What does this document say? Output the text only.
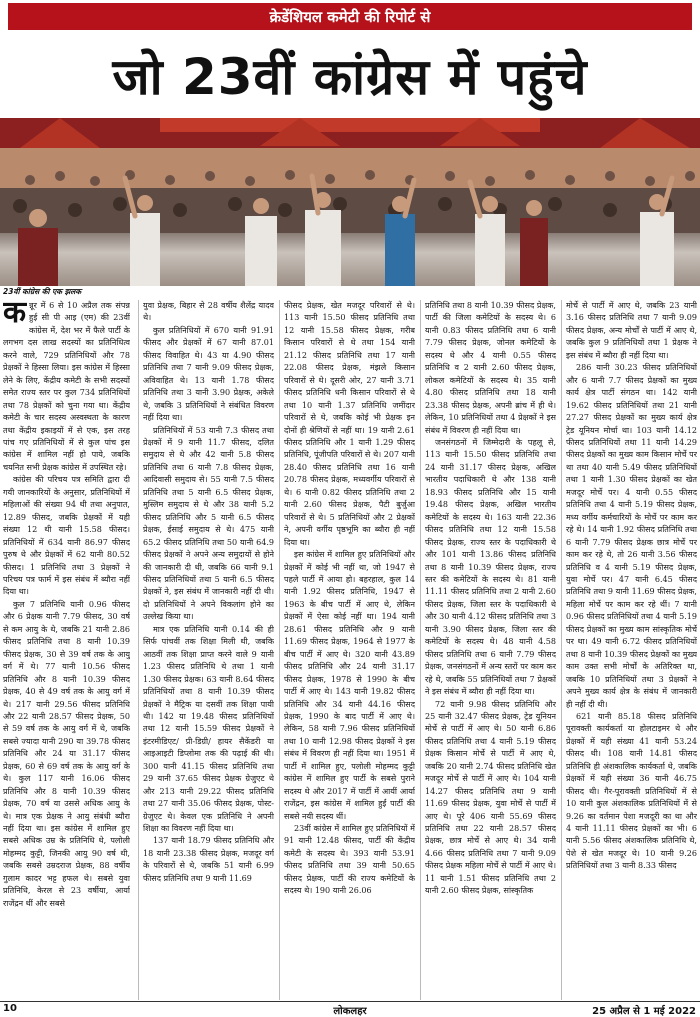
क्रेडेंशियल कमेटी की रिपोर्ट से
जो 23वीं कांग्रेस में पहुंचे
23वीं कांग्रेस की एक झलक
क न्नूर में 6 से 10 अप्रैल तक संपन्न हुई सी पी आइ (एम) की 23वीं कांग्रेस में, देश भर में फैले पार्टी के लगभग दस लाख सदस्यों का प्रतिनिधित्व करने वाले, 729 प्रतिनिधियों और 78 प्रेक्षकों ने हिस्सा लिया। इस कांग्रेस में हिस्सा लेने के लिए, केंद्रीय कमेटी के सभी सदस्यों समेत राज्य स्तर पर कुल 734 प्रतिनिधियों तथा 78 प्रेक्षकों को चुना गया था। केंद्रीय कमेटी के चार सदस्य अस्वस्थता के कारण तथा केंद्रीय इकाइयों में से एक, इस तरह पांच गए प्रतिनिधियों में से कुल पांच इस कांग्रेस में शामिल नहीं हो पाये, जबकि चयनित सभी प्रेक्षक कांग्रेस में उपस्थित रहे।

कांग्रेस की परिचय पत्र समिति द्वारा दी गयी जानकारियों के अनुसार, प्रतिनिधियों में महिलाओं की संख्या 94 थी तथा अनुपात, 12.89 फीसद, जबकि प्रेक्षकों में यही संख्या 12 थी यानी 15.58 फीसद। प्रतिनिधियों में 634 यानी 86.97 फीसद पुरुष थे और प्रेक्षकों में 62 यानी 80.52 फीसद। 1 प्रतिनिधि तथा 3 प्रेक्षकों ने परिचय पत्र फार्म में इस संबंध में ब्यौरा नहीं दिया था।

कुल 7 प्रतिनिधि यानी 0.96 फीसद और 6 प्रेक्षक यानी 7.79 फीसद, 30 वर्ष से कम आयु के थे, जबकि 21 यानी 2.86 फीसद प्रतिनिधि तथा 8 यानी 10.39 फीसद प्रेक्षक, 30 से 39 वर्ष तक के आयु वर्ग में थे। 77 यानी 10.56 फीसद प्रतिनिधि और 8 यानी 10.39 फीसद प्रेक्षक, 40 से 49 वर्ष तक के आयु वर्ग में थे। 217 यानी 29.56 फीसद प्रतिनिधि और 22 यानी 28.57 फीसद प्रेक्षक, 50 से 59 वर्ष तक के आयु वर्ग में थे, जबकि सबसे ज्यादा यानी 290 या 39.78 फीसद प्रतिनिधि और 24 या 31.17 फीसद प्रेक्षक, 60 से 69 वर्ष तक के आयु वर्ग के थे। कुल 117 यानी 16.06 फीसद प्रतिनिधि और 8 यानी 10.39 फीसद प्रेक्षक, 70 वर्ष या उससे अधिक आयु के थे। मात्र एक प्रेक्षक ने आयु संबंधी ब्यौरा नहीं दिया था। इस कांग्रेस में शामिल हुए सबसे अधिक उम्र के प्रतिनिधि थे, पलोली मोहम्मद कुट्टी, जिनकी आयु 90 वर्ष थी, जबकि सबसे उम्रदराज प्रेक्षक, 88 वर्षीय गुलाम कादर भट्ट हफल थे। सबसे युवा प्रतिनिधि, केरल से 23 वर्षीया, आर्या राजेंद्रन थीं और सबसे

युवा प्रेक्षक, बिहार से 28 वर्षीय शैलेंद्र यादव थे।

कुल प्रतिनिधियों में 670 यानी 91.91 फीसद और प्रेक्षकों में 67 यानी 87.01 फीसद विवाहित थे। 43 या 4.90 फीसद प्रतिनिधि तथा 7 यानी 9.09 फीसद प्रेक्षक, अविवाहित थे। 13 यानी 1.78 फीसद प्रतिनिधि तथा 3 यानी 3.90 प्रेक्षक, अकेले थे, जबकि 3 प्रतिनिधियों ने संबंधित विवरण नहीं दिया था।

प्रतिनिधियों में 53 यानी 7.3 फीसद तथा प्रेक्षकों में 9 यानी 11.7 फीसद, दलित समुदाय से थे और 42 यानी 5.8 फीसद प्रतिनिधि तथा 6 यानी 7.8 फीसद प्रेक्षक, आदिवासी समुदाय से। 55 यानी 7.5 फीसद प्रतिनिधि तथा 5 यानी 6.5 फीसद प्रेक्षक, मुस्लिम समुदाय से थे और 38 यानी 5.2 फीसद प्रतिनिधि और 5 यानी 6.5 फीसद प्रेक्षक, ईसाई समुदाय से थे। 475 यानी 65.2 फीसद प्रतिनिधि तथा 50 यानी 64.9 फीसद प्रेक्षकों ने अपने अन्य समुदायों से होने की जानकारी दी थी, जबकि 66 यानी 9.1 फीसद प्रतिनिधियों तथा 5 यानी 6.5 फीसद प्रेक्षकों ने, इस संबंध में जानकारी नहीं दी थी। दो प्रतिनिधियों ने अपने विकलांग होने का उल्लेख किया था।

मात्र एक प्रतिनिधि यानी 0.14 की ही सिर्फ पांचवीं तक शिक्षा मिली थी, जबकि आठवीं तक शिक्षा प्राप्त करने वाले 9 यानी 1.23 फीसद प्रतिनिधि थे तथा 1 यानी 1.30 फीसद प्रेक्षक। 63 यानी 8.64 फीसद प्रतिनिधियों तथा 8 यानी 10.39 फीसद प्रेक्षकों ने मैट्रिक या दसवीं तक शिक्षा पायी थी। 142 या 19.48 फीसद प्रतिनिधियों तथा 12 यानी 15.59 फीसद प्रेक्षकों ने इंटरमीडिएट/ प्री-डिग्री/ हायर सैकेंडरी या आइआइटी डिप्लोमा तक की पढ़ाई की थी। 300 यानी 41.15 फीसद प्रतिनिधि तथा 29 यानी 37.65 फीसद प्रेक्षक ग्रेजुएट थे और 213 यानी 29.22 फीसद प्रतिनिधि तथा 27 यानी 35.06 फीसद प्रेक्षक, पोस्ट-ग्रेजुएट थे। केवल एक प्रतिनिधि ने अपनी शिक्षा का विवरण नहीं दिया था।

137 यानी 18.79 फीसद प्रतिनिधि और 18 यानी 23.38 फीसद प्रेक्षक, मजदूर वर्ग के परिवारों से थे, जबकि 51 यानी 6.99 फीसद प्रतिनिधि तथा 9 यानी 11.69

फीसद प्रेक्षक, खेत मजदूर परिवारों से थे। 113 यानी 15.50 फीसद प्रतिनिधि तथा 12 यानी 15.58 फीसद प्रेक्षक, गरीब किसान परिवारों से थे तथा 154 यानी 21.12 फीसद प्रतिनिधि तथा 17 यानी 22.08 फीसद प्रेक्षक, मंझले किसान परिवारों से थे। दूसरी ओर, 27 यानी 3.71 फीसद प्रतिनिधि धनी किसान परिवारों से थे तथा 10 यानी 1.37 प्रतिनिधि जमींदार परिवारों से थे, जबकि कोई भी प्रेक्षक इन दोनों ही श्रेणियों से नहीं था। 19 यानी 2.61 फीसद प्रतिनिधि और 1 यानी 1.29 फीसद प्रतिनिधि, पूंजीपति परिवारों से थे। 207 यानी 28.40 फीसद प्रतिनिधि तथा 16 यानी 20.78 फीसद प्रेक्षक, मध्यवर्गीय परिवारों से थे। 6 यानी 0.82 फीसद प्रतिनिधि तथा 2 यानी 2.60 फीसद प्रेक्षक, पैटी बुर्जुआ परिवारों से थे। 5 प्रतिनिधियों और 2 प्रेक्षकों ने, अपनी वर्गीय पृष्ठभूमि का ब्यौरा ही नहीं दिया था।

इस कांग्रेस में शामिल हुए प्रतिनिधियों और प्रेक्षकों में कोई भी नहीं था, जो 1947 से पहले पार्टी में आया हो। बहरहाल, कुल 14 यानी 1.92 फीसद प्रतिनिधि, 1947 से 1963 के बीच पार्टी में आए थे, लेकिन प्रेक्षकों में ऐसा कोई नहीं था। 194 यानी 28.61 फीसद प्रतिनिधि और 9 यानी 11.69 फीसद प्रेक्षक, 1964 से 1977 के बीच पार्टी में आए थे। 320 यानी 43.89 फीसद प्रतिनिधि और 24 यानी 31.17 फीसद प्रेक्षक, 1978 से 1990 के बीच पार्टी में आए थे। 143 यानी 19.82 फीसद प्रतिनिधि और 34 यानी 44.16 फीसद प्रेक्षक, 1990 के बाद पार्टी में आए थे। लेकिन, 58 यानी 7.96 फीसद प्रतिनिधियों तथा 10 यानी 12.98 फीसद प्रेक्षकों ने इस संबंध में विवरण ही नहीं दिया था। 1951 में पार्टी में शामिल हुए, पलोली मोहम्मद कुट्टी कांग्रेस में शामिल हुए पार्टी के सबसे पुराने सदस्य थे और 2017 में पार्टी में आयीं आर्या राजेंद्रन, इस कांग्रेस में शामिल हुईं पार्टी की सबसे नयी सदस्य थीं।

23वीं कांग्रेस में शामिल हुए प्रतिनिधियों में 91 यानी 12.48 फीसद, पार्टी की केंद्रीय कमेटी के सदस्य थे। 393 यानी 53.91 फीसद प्रतिनिधि तथा 39 यानी 50.65 फीसद प्रेक्षक, पार्टी की राज्य कमेटियों के सदस्य थे। 190 यानी 26.06

प्रतिनिधि तथा 8 यानी 10.39 फीसद प्रेक्षक, पार्टी की जिला कमेटियों के सदस्य थे। 6 यानी 0.83 फीसद प्रतिनिधि तथा 6 यानी 7.79 फीसद प्रेक्षक, जोनल कमेटियों के सदस्य थे और 4 यानी 0.55 फीसद प्रतिनिधि व 2 यानी 2.60 फीसद प्रेक्षक, लोकल कमेटियों के सदस्य थे। 35 यानी 4.80 फीसद प्रतिनिधि तथा 18 यानी 23.38 फीसद प्रेक्षक, अपनी ब्रांच में ही थे। लेकिन, 10 प्रतिनिधियों तथा 4 प्रेक्षकों ने इस संबंध में विवरण ही नहीं दिया था।

जनसंगठनों में जिम्मेदारी के पहलू से, 113 यानी 15.50 फीसद प्रतिनिधि तथा 24 यानी 31.17 फीसद प्रेक्षक, अखिल भारतीय पदाधिकारी थे और 138 यानी 18.93 फीसद प्रतिनिधि और 15 यानी 19.48 फीसद प्रेक्षक, अखिल भारतीय कमेटियों के सदस्य थे। 163 यानी 22.36 फीसद प्रतिनिधि तथा 12 यानी 15.58 फीसद प्रेक्षक, राज्य स्तर के पदाधिकारी थे और 101 यानी 13.86 फीसद प्रतिनिधि तथा 8 यानी 10.39 फीसद प्रेक्षक, राज्य स्तर की कमेटियों के सदस्य थे। 81 यानी 11.11 फीसद प्रतिनिधि तथा 2 यानी 2.60 फीसद प्रेक्षक, जिला स्तर के पदाधिकारी थे और 30 यानी 4.12 फीसद प्रतिनिधि तथा 3 यानी 3.90 फीसद प्रेक्षक, जिला स्तर की कमेटियों के सदस्य थे। 48 यानी 4.58 फीसद प्रतिनिधि तथा 6 यानी 7.79 फीसद प्रेक्षक, जनसंगठनों में अन्य स्तरों पर काम कर रहे थे, जबकि 55 प्रतिनिधियों तथा 7 प्रेक्षकों ने इस संबंध में ब्यौरा ही नहीं दिया था।

72 यानी 9.98 फीसद प्रतिनिधि और 25 यानी 32.47 फीसद प्रेक्षक, ट्रेड यूनियन मोर्चे से पार्टी में आए थे। 50 यानी 6.86 फीसद प्रतिनिधि तथा 4 यानी 5.19 फीसद प्रेक्षक किसान मोर्चे से पार्टी में आए थे, जबकि 20 यानी 2.74 फीसद प्रतिनिधि खेत मजदूर मोर्चे से पार्टी में आए थे। 104 यानी 14.27 फीसद प्रतिनिधि तथा 9 यानी 11.69 फीसद प्रेक्षक, युवा मोर्चे से पार्टी में आए थे। पूरे 406 यानी 55.69 फीसद प्रतिनिधि तथा 22 यानी 28.57 फीसद प्रेक्षक, छात्र मोर्चे से आए थे। 34 यानी 4.66 फीसद प्रतिनिधि तथा 7 यानी 9.09 फीसद प्रेक्षक महिला मोर्चे से पार्टी में आए थे। 11 यानी 1.51 फीसद प्रतिनिधि तथा 2 यानी 2.60 फीसद प्रेक्षक, सांस्कृतिक

मोर्चे से पार्टी में आए थे, जबकि 23 यानी 3.16 फीसद प्रतिनिधि तथा 7 यानी 9.09 फीसद प्रेक्षक, अन्य मोर्चों से पार्टी में आए थे, जबकि कुल 9 प्रतिनिधियों तथा 1 प्रेक्षक ने इस संबंध में ब्यौरा ही नहीं दिया था।

286 यानी 30.23 फीसद प्रतिनिधियों और 6 यानी 7.7 फीसद प्रेक्षकों का मुख्य कार्य क्षेत्र पार्टी संगठन था। 142 यानी 19.62 फीसद प्रतिनिधियों तथा 21 यानी 27.27 फीसद प्रेक्षकों का मुख्य कार्य क्षेत्र ट्रेड यूनियन मोर्चा था। 103 यानी 14.12 फीसद प्रतिनिधियों तथा 11 यानी 14.29 फीसद प्रेक्षकों का मुख्य काम किसान मोर्चे पर था तथा 40 यानी 5.49 फीसद प्रतिनिधियों तथा 1 यानी 1.30 फीसद प्रेक्षकों का खेत मजदूर मोर्चे पर। 4 यानी 0.55 फीसद प्रतिनिधि तथा 4 यानी 5.19 फीसद प्रेक्षक, मध्य वर्गीय कर्मचारियों के मोर्चे पर काम कर रहे थे। 14 यानी 1.92 फीसद प्रतिनिधि तथा 6 यानी 7.79 फीसद प्रेक्षक छात्र मोर्चे पर काम कर रहे थे, तो 26 यानी 3.56 फीसद प्रतिनिधि व 4 यानी 5.19 फीसद प्रेक्षक, युवा मोर्चे पर। 47 यानी 6.45 फीसद प्रतिनिधि तथा 9 यानी 11.69 फीसद प्रेक्षक, महिला मोर्चे पर काम कर रहे थीं। 7 यानी 0.96 फीसद प्रतिनिधियों तथा 4 यानी 5.19 फीसद प्रेक्षकों का मुख्य काम सांस्कृतिक मोर्चे पर था। 49 यानी 6.72 फीसद प्रतिनिधियों तथा 8 यानी 10.39 फीसद प्रेक्षकों का मुख्य काम उक्त सभी मोर्चों के अतिरिक्त था, जबकि 10 प्रतिनिधियों तथा 3 प्रेक्षकों ने अपने मुख्य कार्य क्षेत्र के संबंध में जानकारी ही नहीं दी थी।

621 यानी 85.18 फीसद प्रतिनिधि पूरावक्ती कार्यकर्ता या होलटाइमर थे और प्रेक्षकों में यही संख्या 41 यानी 53.24 फीसद थी। 108 यानी 14.81 फीसद प्रतिनिधि ही अंशकालिक कार्यकर्ता थे, जबकि प्रेक्षकों में यही संख्या 36 यानी 46.75 फीसद थी। गैर-पूरावक्ती प्रतिनिधियों में से 10 यानी कुल अंशकालिक प्रतिनिधियों में से 9.26 का वर्तमान पेशा मजदूरी का था और 4 यानी 11.11 फीसद प्रेक्षकों का भी। 6 यानी 5.56 फीसद अंशकालिक प्रतिनिधि थे, पेशे से खेत मजदूर थे। 10 यानी 9.26 प्रतिनिधियों तथा 3 यानी 8.33 फीसद

10	लोकलहर	25 अप्रैल से 1 मई 2022
